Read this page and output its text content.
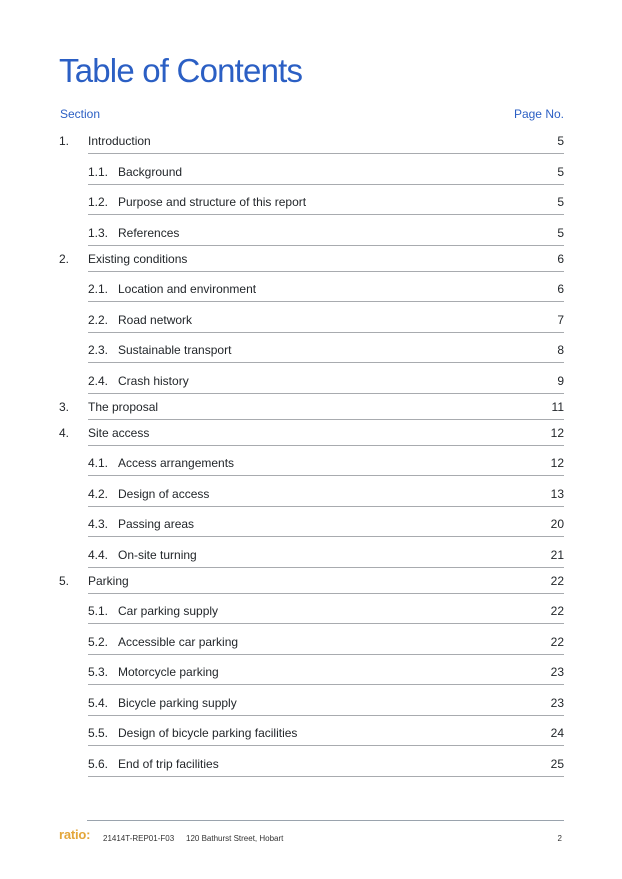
Table of Contents
Section	Page No.
1. Introduction	5
1.1. Background	5
1.2. Purpose and structure of this report	5
1.3. References	5
2. Existing conditions	6
2.1. Location and environment	6
2.2. Road network	7
2.3. Sustainable transport	8
2.4. Crash history	9
3. The proposal	11
4. Site access	12
4.1. Access arrangements	12
4.2. Design of access	13
4.3. Passing areas	20
4.4. On-site turning	21
5. Parking	22
5.1. Car parking supply	22
5.2. Accessible car parking	22
5.3. Motorcycle parking	23
5.4. Bicycle parking supply	23
5.5. Design of bicycle parking facilities	24
5.6. End of trip facilities	25
ratio: 21414T-REP01-F03 120 Bathurst Street, Hobart	2
